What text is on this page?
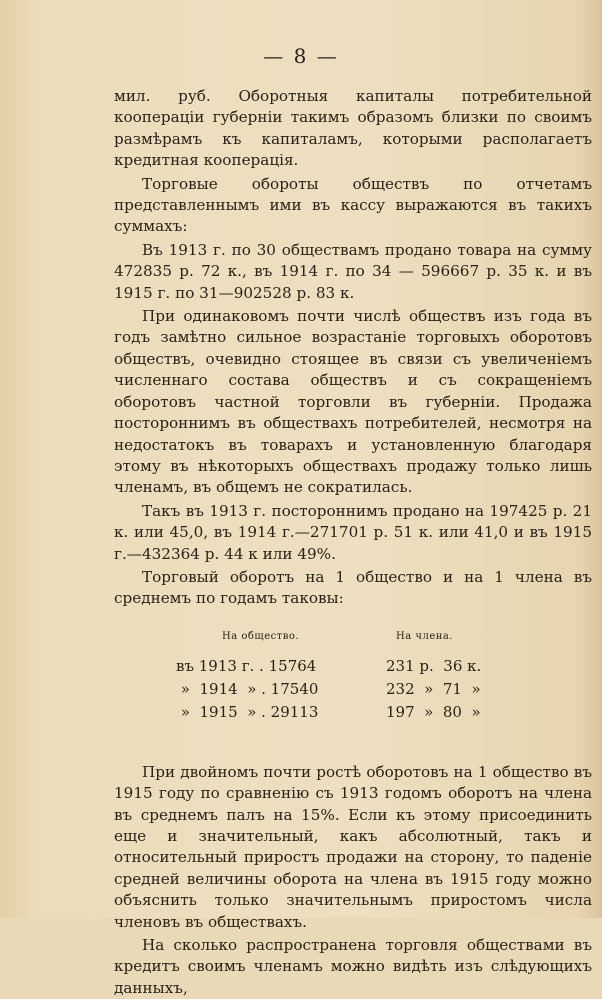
— 8 —

мил. руб. Оборотныя капиталы потребительной коопераціи губерніи такимъ образомъ близки по своимъ размѣрамъ къ капиталамъ, которыми располагаетъ кредитная кооперація.

Торговые обороты обществъ по отчетамъ представленнымъ ими въ кассу выражаются въ такихъ суммахъ:

Въ 1913 г. по 30 обществамъ продано товара на сумму 472835 р. 72 к., въ 1914 г. по 34 — 596667 р. 35 к. и въ 1915 г. по 31—902528 р. 83 к.

При одинаковомъ почти числѣ обществъ изъ года въ годъ замѣтно сильное возрастаніе торговыхъ оборотовъ обществъ, очевидно стоящее въ связи съ увеличеніемъ численнаго состава обществъ и съ сокращеніемъ оборотовъ частной торговли въ губерніи. Продажа постороннимъ въ обществахъ потребителей, несмотря на недостатокъ въ товарахъ и установленную благодаря этому въ нѣкоторыхъ обществахъ продажу только лишь членамъ, въ общемъ не сократилась.

Такъ въ 1913 г. постороннимъ продано на 197425 р. 21 к. или 45,0, въ 1914 г.—271701 р. 51 к. или 41,0 и въ 1915 г.—432364 р. 44 к или 49%.

Торговый оборотъ на 1 общество и на 1 члена въ среднемъ по годамъ таковы:

На общество.	На члена.
въ 1913 г. . 15764	231 р.  36 к.
»  1914  » . 17540	232  »  71  »
»  1915  » . 29113	197  »  80  »

При двойномъ почти ростѣ оборотовъ на 1 общество въ 1915 году по сравненію съ 1913 годомъ оборотъ на члена въ среднемъ палъ на 15%. Если къ этому присоединить еще и значительный, какъ абсолютный, такъ и относительный приростъ продажи на сторону, то паденіе средней величины оборота на члена въ 1915 году можно объяснить только значительнымъ приростомъ числа членовъ въ обществахъ.

На сколько распространена торговля обществами въ кредитъ своимъ членамъ можно видѣть изъ слѣдующихъ данныхъ,
